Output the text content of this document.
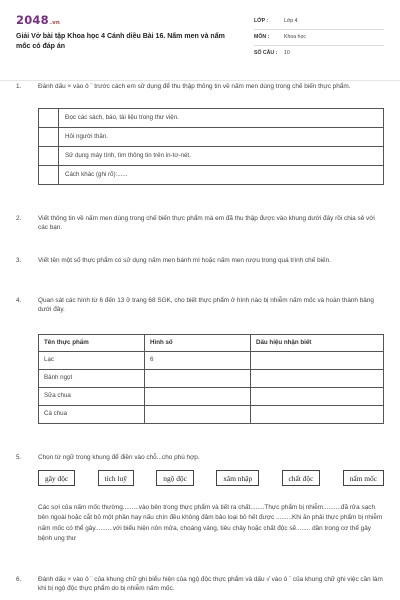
2048.vn
Giải Vở bài tập Khoa học 4 Cánh diều Bài 16. Nấm men và nấm mốc có đáp án
LỚP :	Lớp 4
MÔN :	Khoa học
SỐ CÂU :	10
1.	Đánh dấu × vào ô ¨ trước cách em sử dụng để thu thập thông tin về nấm men dùng trong chế biến thực phẩm.
	Đọc các sách, báo, tài liệu trong thư viện.
	Hỏi người thân.
	Sử dụng máy tính, tìm thông tin trên in-tơ-nét.
	Cách khác (ghi rõ):......
2.	Viết thông tin về nấm men dùng trong chế biến thực phẩm mà em đã thu thập được vào khung dưới đây rồi chia sẻ với các bạn.
3.	Viết tên một số thực phẩm có sử dụng nấm men bánh mì hoặc nấm men rượu trong quá trình chế biến.
4.	Quan sát các hình từ 6 đến 13 ở trang 68 SGK, cho biết thực phẩm ở hình nào bị nhiễm nấm mốc và hoàn thành bảng dưới đây.
Tên thực phẩm	Hình số	Dấu hiệu nhận biết
Lạc	6	
Bánh ngọt		
Sữa chua		
Cà chua		
5.	Chọn từ ngữ trong khung để điền vào chỗ...cho phù hợp.
gây độc	tích luỹ	ngộ độc	xâm nhập	chất độc	nấm mốc
Các sợi của nấm mốc thường.........vào bên trong thực phẩm và tiết ra chất........Thực phẩm bị nhiễm..........đã rửa sạch bên ngoài hoặc cắt bỏ một phần hay nấu chín đều không đảm bảo loại bỏ hết được .........Khi ăn phải thực phẩm bị nhiễm nấm mốc có thể gây..........với biểu hiện nôn mửa, choáng váng, tiêu chảy hoặc chất độc sẽ........ dần trong cơ thể gây bệnh ung thư
6.	Đánh dấu × vào ô ¨ của khung chữ ghi biểu hiện của ngộ độc thực phẩm và dấu √ vào ô ¨ của khung chữ ghi việc cần làm khi bị ngộ độc thực phẩm do bị nhiễm nấm mốc.
